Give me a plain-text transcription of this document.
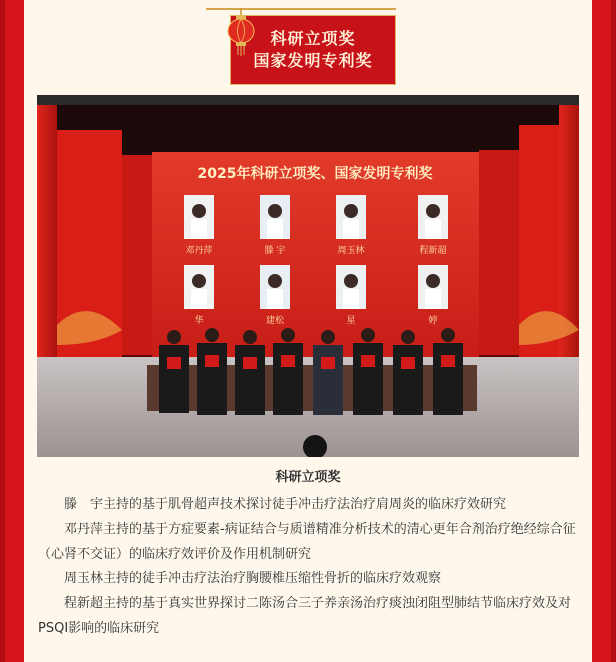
科研立项奖
国家发明专利奖
2025年科研立项奖、国家发明专利奖
邓丹萍	滕 宇	周玉林	程新超
华	建松	星	婷
科研立项奖

滕　宇主持的基于肌骨超声技术探讨徒手冲击疗法治疗肩周炎的临床疗效研究

邓丹萍主持的基于方症要素-病证结合与质谱精准分析技术的清心更年合剂治疗绝经综合征（心肾不交证）的临床疗效评价及作用机制研究

周玉林主持的徒手冲击疗法治疗胸腰椎压缩性骨折的临床疗效观察

程新超主持的基于真实世界探讨二陈汤合三子养亲汤治疗痰浊闭阻型肺结节临床疗效及对PSQI影响的临床研究
